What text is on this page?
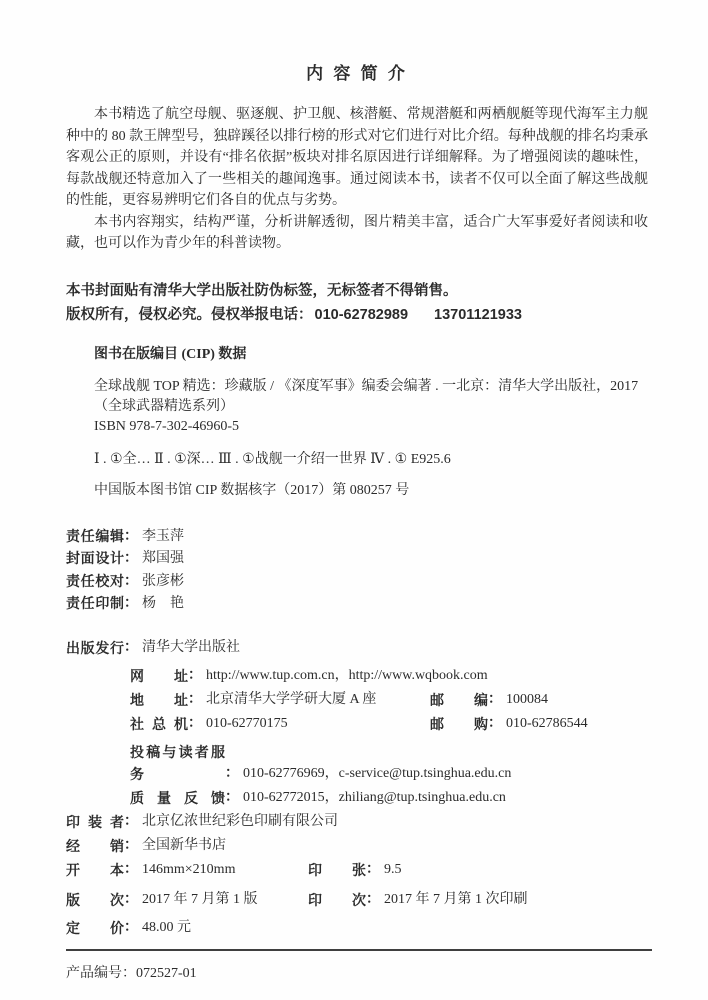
内 容 简 介

本书精选了航空母舰、驱逐舰、护卫舰、核潜艇、常规潜艇和两栖舰艇等现代海军主力舰种中的 80 款王牌型号，独辟蹊径以排行榜的形式对它们进行对比介绍。每种战舰的排名均秉承客观公正的原则，并设有“排名依据”板块对排名原因进行详细解释。为了增强阅读的趣味性，每款战舰还特意加入了一些相关的趣闻逸事。通过阅读本书，读者不仅可以全面了解这些战舰的性能，更容易辨明它们各自的优点与劣势。

本书内容翔实，结构严谨，分析讲解透彻，图片精美丰富，适合广大军事爱好者阅读和收藏，也可以作为青少年的科普读物。

本书封面贴有清华大学出版社防伪标签，无标签者不得销售。

版权所有，侵权必究。侵权举报电话： 010-62782989 13701121933

图书在版编目 (CIP) 数据

全球战舰 TOP 精选：珍藏版 / 《深度军事》编委会编著 . 一北京：清华大学出版社，2017

（全球武器精选系列）

ISBN 978-7-302-46960-5

Ⅰ . ①全… Ⅱ . ①深… Ⅲ . ①战舰一介绍一世界 Ⅳ . ① E925.6

中国版本图书馆 CIP 数据核字（2017）第 080257 号

责任编辑： 李玉萍

封面设计： 郑国强

责任校对： 张彦彬

责任印制： 杨　艳

出版发行： 清华大学出版社

网址： http://www.tup.com.cn，http://www.wqbook.com

地址： 北京清华大学学研大厦 A 座	邮编： 100084

社总机： 010-62770175	邮购： 010-62786544

投稿与读者服务	： 010-62776969，c-service@tup.tsinghua.edu.cn

质量反馈： 010-62772015，zhiliang@tup.tsinghua.edu.cn

印装者： 北京亿浓世纪彩色印刷有限公司

经销： 全国新华书店

开本： 146mm×210mm	印张： 9.5

版次： 2017 年 7 月第 1 版	印次： 2017 年 7 月第 1 次印刷

定价： 48.00 元

产品编号：072527-01
